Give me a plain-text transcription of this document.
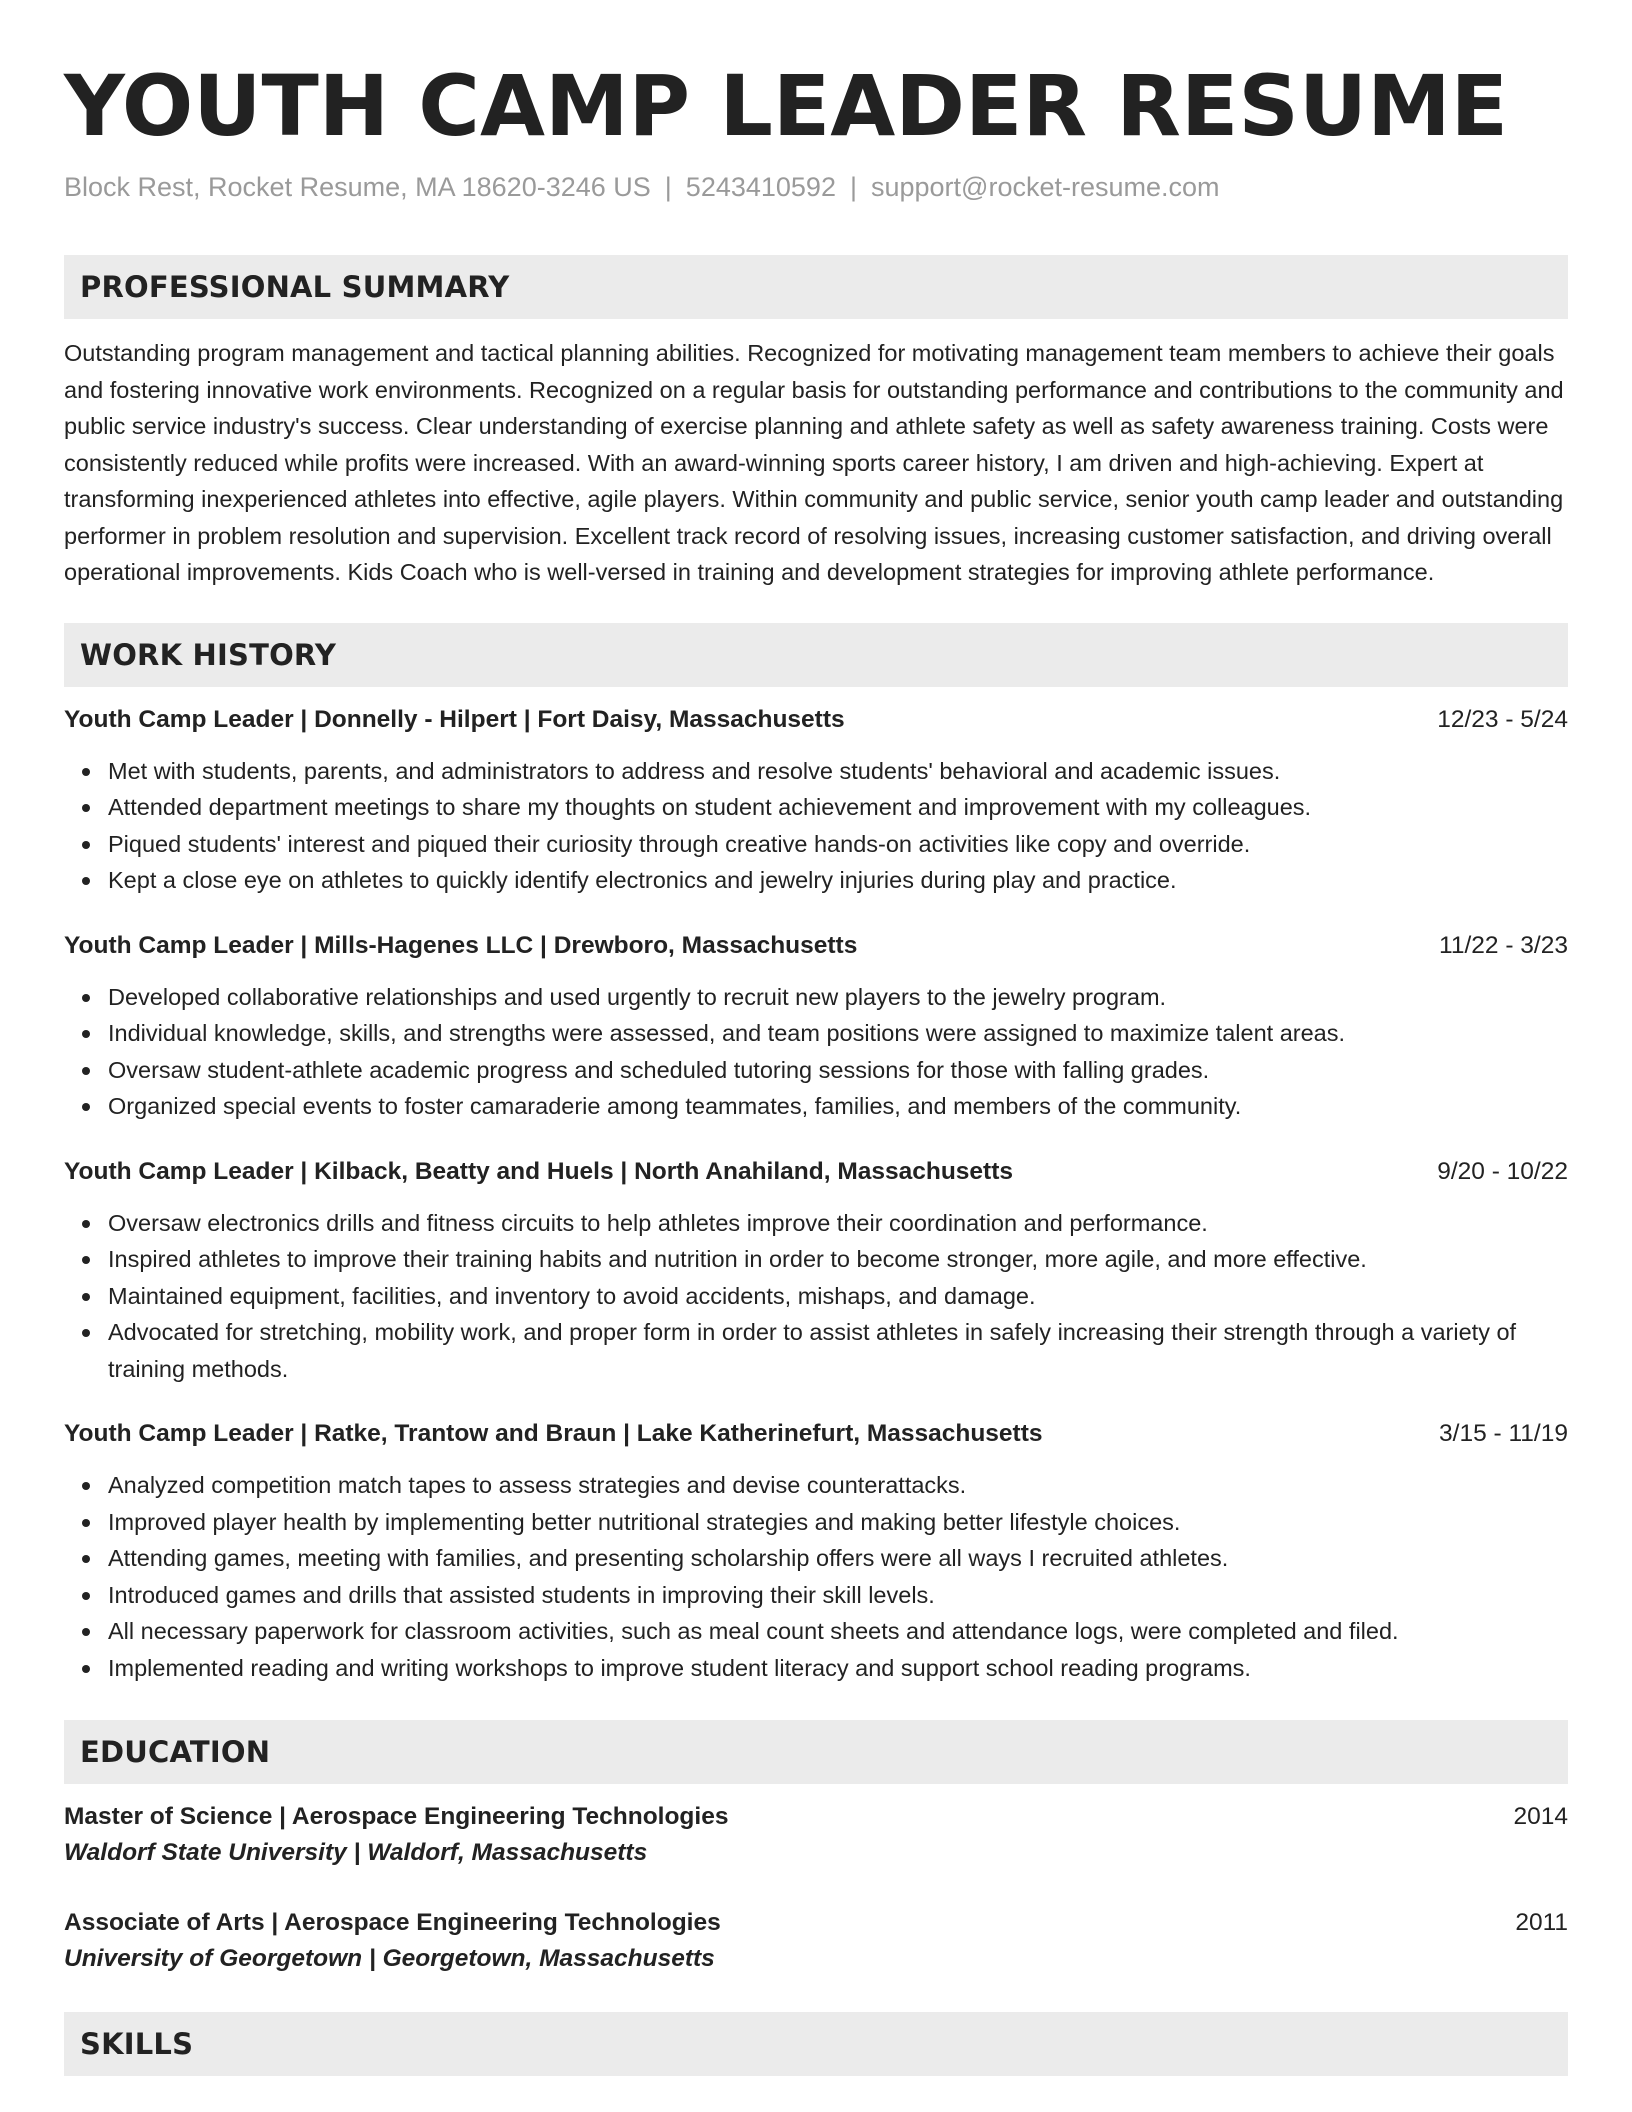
YOUTH CAMP LEADER RESUME
Block Rest, Rocket Resume, MA 18620-3246 US | 5243410592 | support@rocket-resume.com
PROFESSIONAL SUMMARY
Outstanding program management and tactical planning abilities. Recognized for motivating management team members to achieve their goals and fostering innovative work environments. Recognized on a regular basis for outstanding performance and contributions to the community and public service industry's success. Clear understanding of exercise planning and athlete safety as well as safety awareness training. Costs were consistently reduced while profits were increased. With an award-winning sports career history, I am driven and high-achieving. Expert at transforming inexperienced athletes into effective, agile players. Within community and public service, senior youth camp leader and outstanding performer in problem resolution and supervision. Excellent track record of resolving issues, increasing customer satisfaction, and driving overall operational improvements. Kids Coach who is well-versed in training and development strategies for improving athlete performance.
WORK HISTORY
Youth Camp Leader | Donnelly - Hilpert | Fort Daisy, Massachusetts	12/23 - 5/24
Met with students, parents, and administrators to address and resolve students' behavioral and academic issues.
Attended department meetings to share my thoughts on student achievement and improvement with my colleagues.
Piqued students' interest and piqued their curiosity through creative hands-on activities like copy and override.
Kept a close eye on athletes to quickly identify electronics and jewelry injuries during play and practice.
Youth Camp Leader | Mills-Hagenes LLC | Drewboro, Massachusetts	11/22 - 3/23
Developed collaborative relationships and used urgently to recruit new players to the jewelry program.
Individual knowledge, skills, and strengths were assessed, and team positions were assigned to maximize talent areas.
Oversaw student-athlete academic progress and scheduled tutoring sessions for those with falling grades.
Organized special events to foster camaraderie among teammates, families, and members of the community.
Youth Camp Leader | Kilback, Beatty and Huels | North Anahiland, Massachusetts	9/20 - 10/22
Oversaw electronics drills and fitness circuits to help athletes improve their coordination and performance.
Inspired athletes to improve their training habits and nutrition in order to become stronger, more agile, and more effective.
Maintained equipment, facilities, and inventory to avoid accidents, mishaps, and damage.
Advocated for stretching, mobility work, and proper form in order to assist athletes in safely increasing their strength through a variety of training methods.
Youth Camp Leader | Ratke, Trantow and Braun | Lake Katherinefurt, Massachusetts	3/15 - 11/19
Analyzed competition match tapes to assess strategies and devise counterattacks.
Improved player health by implementing better nutritional strategies and making better lifestyle choices.
Attending games, meeting with families, and presenting scholarship offers were all ways I recruited athletes.
Introduced games and drills that assisted students in improving their skill levels.
All necessary paperwork for classroom activities, such as meal count sheets and attendance logs, were completed and filed.
Implemented reading and writing workshops to improve student literacy and support school reading programs.
EDUCATION
Master of Science | Aerospace Engineering Technologies	2014
Waldorf State University | Waldorf, Massachusetts
Associate of Arts | Aerospace Engineering Technologies	2011
University of Georgetown | Georgetown, Massachusetts
SKILLS
